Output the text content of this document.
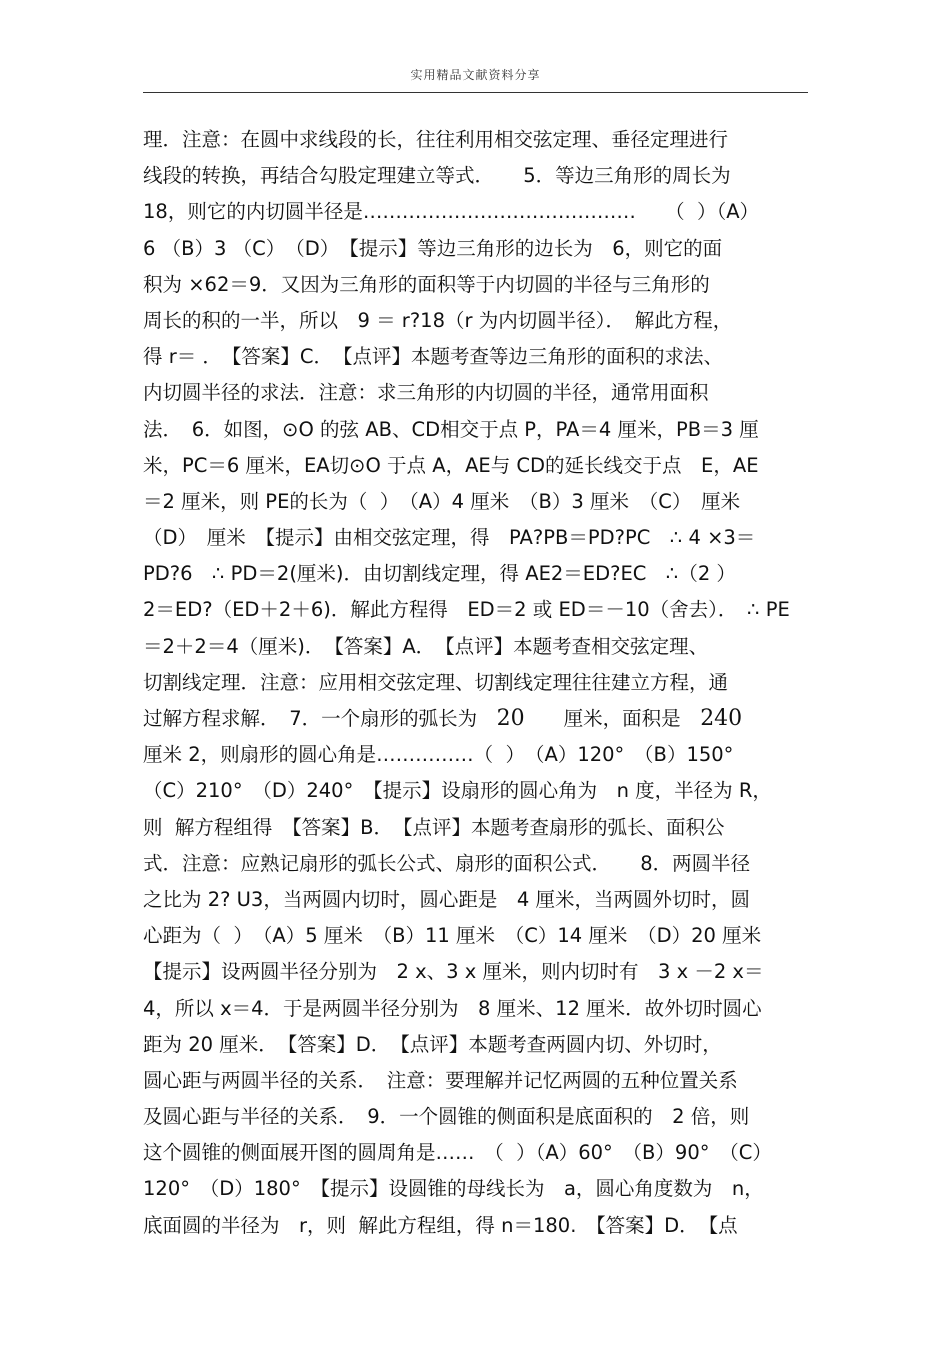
实用精品文献资料分享
理．注意：在圆中求线段的长，往往利用相交弦定理、垂径定理进行
线段的转换，再结合勾股定理建立等式．　　5．等边三角形的周长为
18，则它的内切圆半径是……………………………………　　（  ）（A）
6 （B）3 （C）　（D）　【提示】等边三角形的边长为　6，则它的面
积为 ×62＝9．又因为三角形的面积等于内切圆的半径与三角形的
周长的积的一半，所以　9 ＝ r?18（r 为内切圆半径）．　解此方程，
得 r＝ ．　【答案】C．　【点评】本题考查等边三角形的面积的求法、
内切圆半径的求法．注意：求三角形的内切圆的半径，通常用面积
法．　6．如图，⊙O 的弦 AB、CD相交于点 P，PA＝4 厘米，PB＝3 厘
米，PC＝6 厘米，EA切⊙O 于点 A，AE与 CD的延长线交于点　E，AE
＝2 厘米，则 PE的长为（  ）　（A）4 厘米　（B）3 厘米　（C）　厘米
（D）　厘米　【提示】由相交弦定理，得　PA?PB＝PD?PC　∴ 4 ×3＝
PD?6　∴ PD＝2(厘米)．由切割线定理，得 AE2＝ED?EC　∴（2 ）
2＝ED?（ED＋2＋6)．解此方程得　ED＝2 或 ED＝－10（舍去）．　∴ PE
＝2＋2＝4（厘米)．　【答案】A．　【点评】本题考查相交弦定理、
切割线定理．注意：应用相交弦定理、切割线定理往往建立方程，通
过解方程求解．　7．一个扇形的弧长为　20　　厘米，面积是　240
厘米 2，则扇形的圆心角是……………（  ）　（A）120°　（B）150°
（C）210°　（D）240°　【提示】设扇形的圆心角为　n 度，半径为 R，
则  解方程组得　【答案】B．　【点评】本题考查扇形的弧长、面积公
式．注意：应熟记扇形的弧长公式、扇形的面积公式．　　8．两圆半径
之比为 2? U3，当两圆内切时，圆心距是　4 厘米，当两圆外切时，圆
心距为（  ）　（A）5 厘米　（B）11 厘米　（C）14 厘米　（D）20 厘米
【提示】设两圆半径分别为　2 x、3 x 厘米，则内切时有　3 x －2 x＝
4，所以 x＝4．于是两圆半径分别为　8 厘米、12 厘米．故外切时圆心
距为 20 厘米．　【答案】D．　【点评】本题考查两圆内切、外切时，
圆心距与两圆半径的关系．　注意：要理解并记忆两圆的五种位置关系
及圆心距与半径的关系．　9．一个圆锥的侧面积是底面积的　2 倍，则
这个圆锥的侧面展开图的圆周角是……　（  ）（A）60°　（B）90°　（C）
120°　（D）180°　【提示】设圆锥的母线长为　a，圆心角度数为　n，
底面圆的半径为　r，则  解此方程组，得 n＝180.　【答案】D．　【点
